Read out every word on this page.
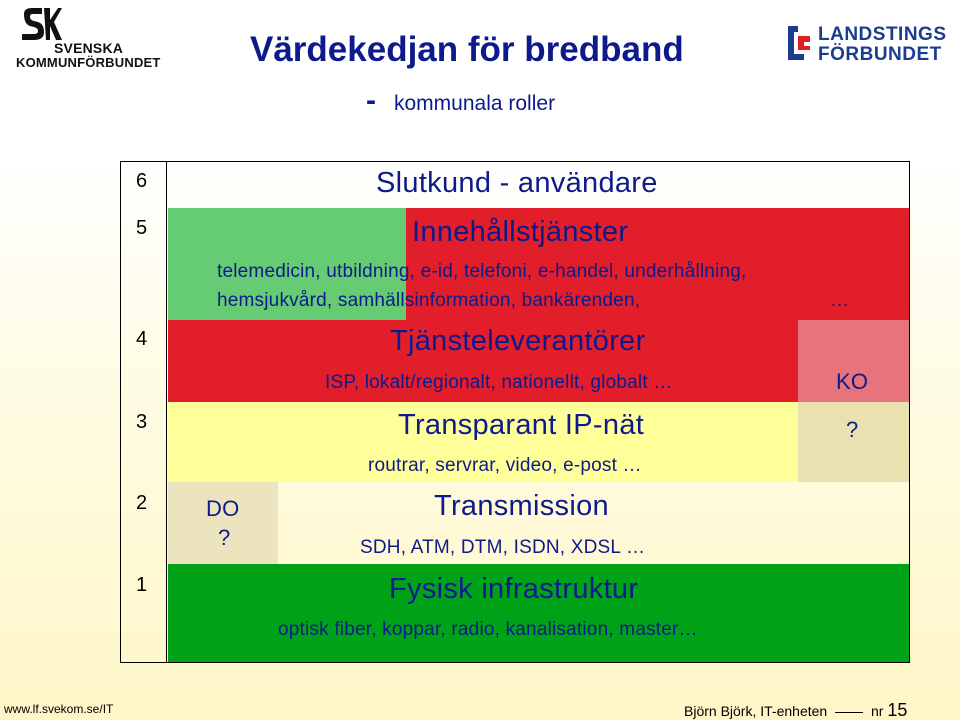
SVENSKA
KOMMUNFÖRBUNDET
LANDSTINGS
FÖRBUNDET
Värdekedjan för bredband
- kommunala roller
6
5
4
3
2
1
Slutkund - användare
Innehållstjänster
telemedicin, utbildning, e-id, telefoni, e-handel, underhållning,
hemsjukvård, samhällsinformation, bankärenden,	…
Tjänsteleverantörer
ISP, lokalt/regionalt, nationellt, globalt …	KO
Transparant IP-nät
routrar, servrar, video, e-post …
?
DO
?
Transmission
SDH, ATM, DTM, ISDN, XDSL …
Fysisk infrastruktur
optisk fiber, koppar, radio, kanalisation, master…
www.lf.svekom.se/IT	Björn Björk, IT-enheten	nr 15
